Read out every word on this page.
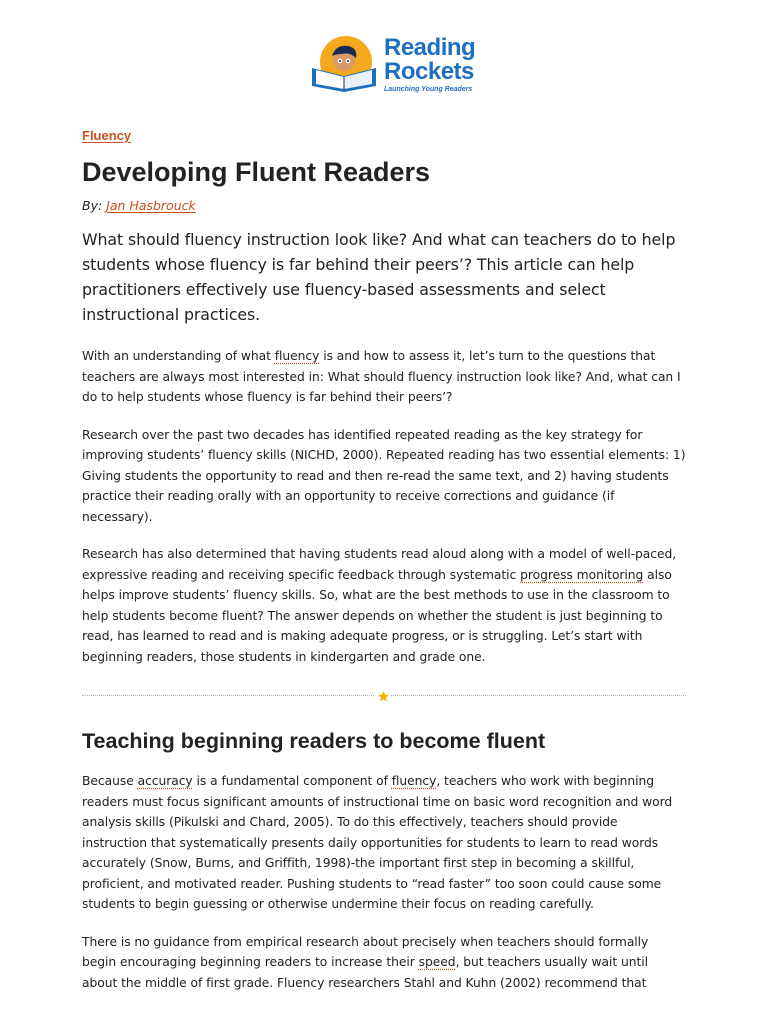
Reading
Rockets
Launching Young Readers
Fluency
Developing Fluent Readers
By: Jan Hasbrouck

What should fluency instruction look like? And what can teachers do to help students whose fluency is far behind their peers’? This article can help practitioners effectively use fluency-based assessments and select instructional practices.

With an understanding of what fluency is and how to assess it, let’s turn to the questions that teachers are always most interested in: What should fluency instruction look like? And, what can I do to help students whose fluency is far behind their peers’?

Research over the past two decades has identified repeated reading as the key strategy for improving students’ fluency skills (NICHD, 2000). Repeated reading has two essential elements: 1) Giving students the opportunity to read and then re-read the same text, and 2) having students practice their reading orally with an opportunity to receive corrections and guidance (if necessary).

Research has also determined that having students read aloud along with a model of well-paced, expressive reading and receiving specific feedback through systematic progress monitoring also helps improve students’ fluency skills. So, what are the best methods to use in the classroom to help students become fluent? The answer depends on whether the student is just beginning to read, has learned to read and is making adequate progress, or is struggling. Let’s start with beginning readers, those students in kindergarten and grade one.

Teaching beginning readers to become fluent

Because accuracy is a fundamental component of fluency, teachers who work with beginning readers must focus significant amounts of instructional time on basic word recognition and word analysis skills (Pikulski and Chard, 2005). To do this effectively, teachers should provide instruction that systematically presents daily opportunities for students to learn to read words accurately (Snow, Burns, and Griffith, 1998)-the important first step in becoming a skillful, proficient, and motivated reader. Pushing students to “read faster” too soon could cause some students to begin guessing or otherwise undermine their focus on reading carefully.

There is no guidance from empirical research about precisely when teachers should formally begin encouraging beginning readers to increase their speed, but teachers usually wait until about the middle of first grade. Fluency researchers Stahl and Kuhn (2002) recommend that
